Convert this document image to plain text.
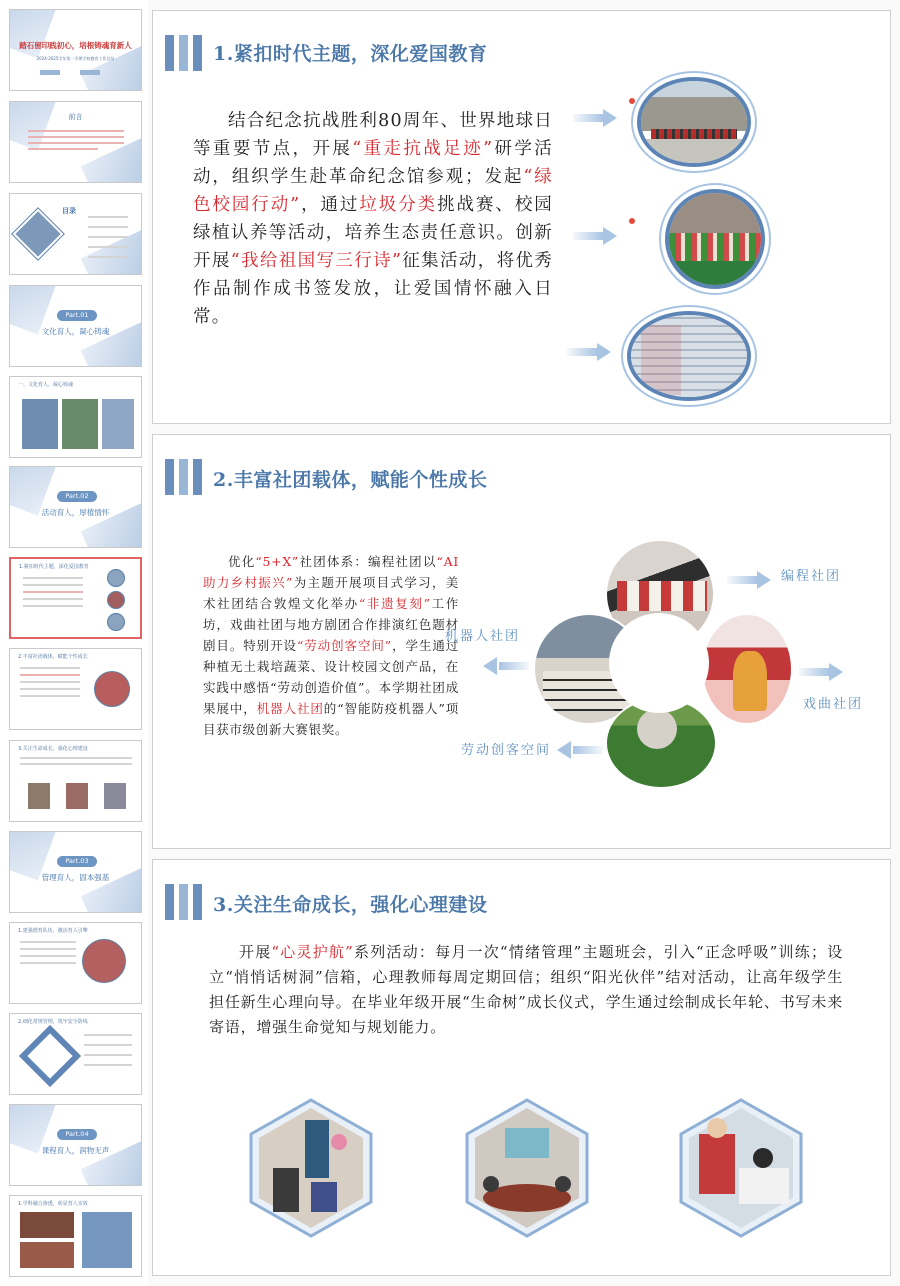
踏石留印践初心，培根铸魂育新人
2024-2025学年第一学期学校德育工作总结
前言
目录
Part.01
文化育人，凝心铸魂
一、文化育人，凝心铸魂
Part.02
活动育人，厚植情怀
1.紧扣时代主题，深化爱国教育
2.丰富社团载体，赋能个性成长
3.关注生命成长，强化心理建设
Part.03
管理育人，固本强基
1.建强德育队伍，激活育人引擎
2.细化常规管理，筑牢安全防线
Part.04
课程育人，润物无声
1.学科融合渗透，彰显育人实效
1.紧扣时代主题，深化爱国教育
结合纪念抗战胜利80周年、世界地球日等重要节点，开展“重走抗战足迹”研学活动，组织学生赴革命纪念馆参观；发起“绿色校园行动”，通过垃圾分类挑战赛、校园绿植认养等活动，培养生态责任意识。创新开展“我给祖国写三行诗”征集活动，将优秀作品制作成书签发放，让爱国情怀融入日常。
2.丰富社团载体，赋能个性成长
优化“5+X”社团体系：编程社团以“AI助力乡村振兴”为主题开展项目式学习，美术社团结合敦煌文化举办“非遗复刻”工作坊，戏曲社团与地方剧团合作排演红色题材剧目。特别开设“劳动创客空间”，学生通过种植无土栽培蔬菜、设计校园文创产品，在实践中感悟“劳动创造价值”。本学期社团成果展中，机器人社团的“智能防疫机器人”项目获市级创新大赛银奖。
编程社团
机器人社团
戏曲社团
劳动创客空间
3.关注生命成长，强化心理建设
开展“心灵护航”系列活动：每月一次“情绪管理”主题班会，引入“正念呼吸”训练；设立“悄悄话树洞”信箱，心理教师每周定期回信；组织“阳光伙伴”结对活动，让高年级学生担任新生心理向导。在毕业年级开展“生命树”成长仪式，学生通过绘制成长年轮、书写未来寄语，增强生命觉知与规划能力。
